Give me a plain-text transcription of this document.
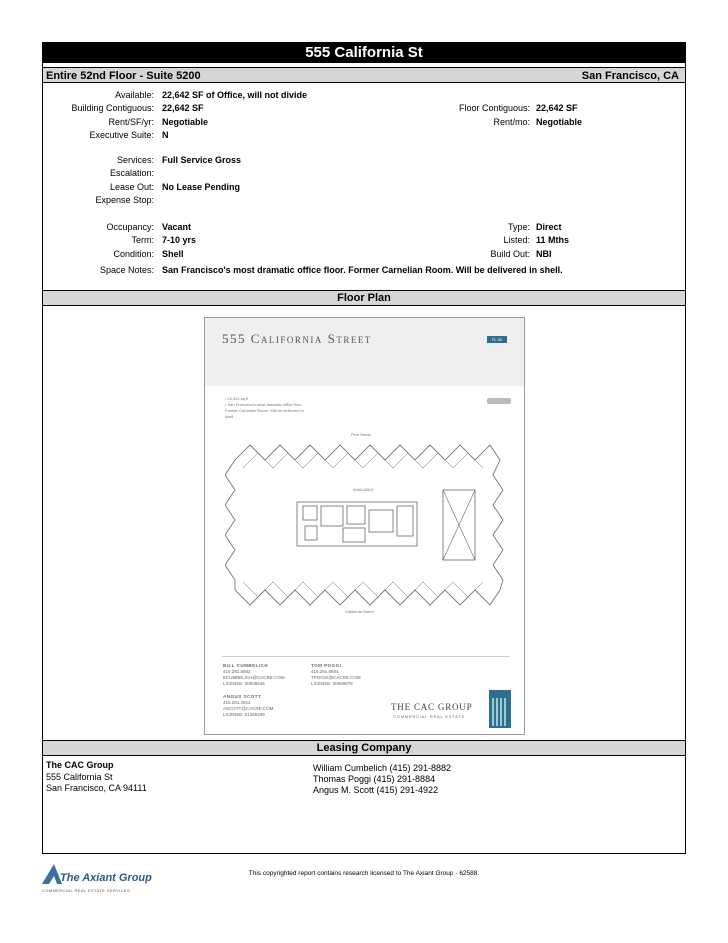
555 California St
Entire 52nd Floor - Suite 5200	San Francisco, CA
Available: 22,642 SF of Office, will not divide
Building Contiguous: 22,642 SF
Rent/SF/yr: Negotiable
Executive Suite: N
Floor Contiguous: 22,642 SF
Rent/mo: Negotiable
Services: Full Service Gross
Escalation:
Lease Out: No Lease Pending
Expense Stop:
Occupancy: Vacant
Term: 7-10 yrs
Condition: Shell
Type: Direct
Listed: 11 Mths
Build Out: NBI
Space Notes: San Francisco's most dramatic office floor. Former Carnelian Room. Will be delivered in shell.
Floor Plan
555 California Street	FL 52
• 22,642 sq ft
• San Francisco's most dramatic office floor.
Former Carnelian Room. Will be delivered in
shell.
Pine Street
California Street
AVAILABLE
BILL CUMBELICH
415.291.8882
BCUMBELICH@CACRE.COM
LICENSE: 00935546
TOM POGGI
415.291.8884
TPOGGI@CACRE.COM
LICENSE: 00969878
ANGUS SCOTT
415.291.4922
ASCOTT@CACRE.COM
LICENSE: 01266289
THE CAC GROUP
COMMERCIAL REAL ESTATE
Leasing Company
The CAC Group
555 California St
San Francisco, CA 94111
William Cumbelich (415) 291-8882
Thomas Poggi (415) 291-8884
Angus M. Scott (415) 291-4922
This copyrighted report contains research licensed to The Axiant Group - 62588.
The Axiant Group
COMMERCIAL REAL ESTATE SERVICES
